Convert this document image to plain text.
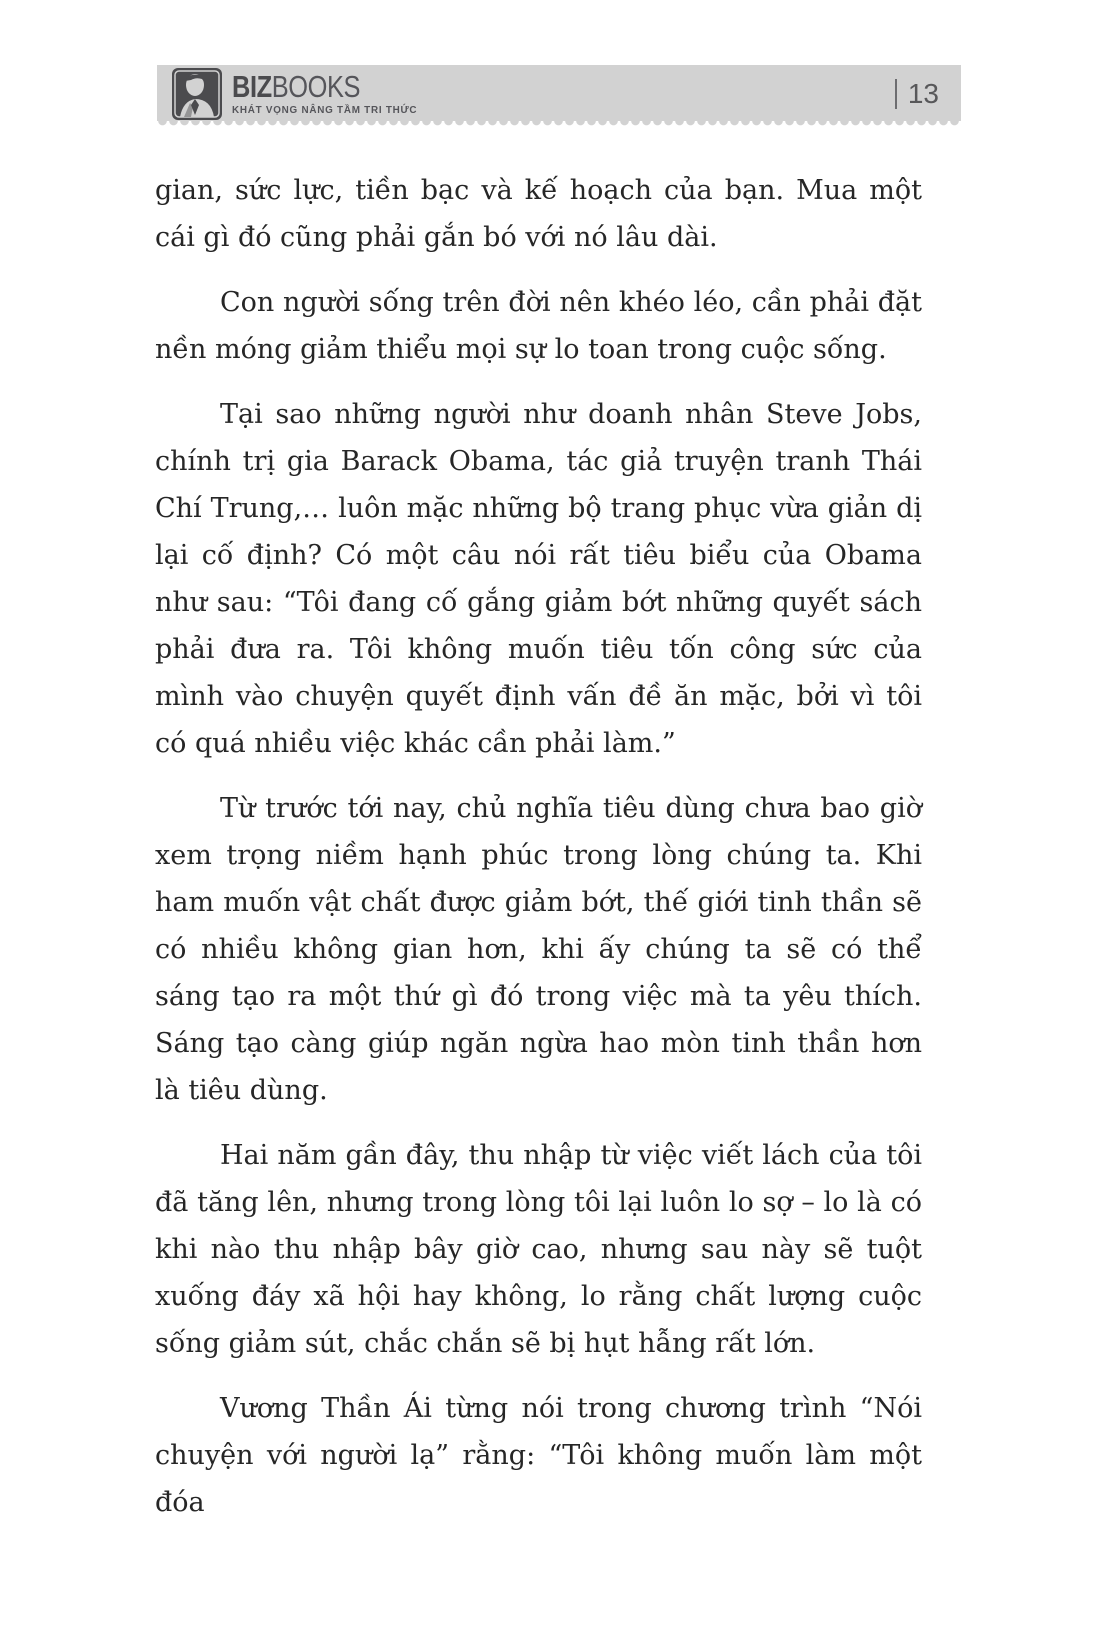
BIZBOOKS
KHÁT VỌNG NÂNG TẦM TRI THỨC
13

gian, sức lực, tiền bạc và kế hoạch của bạn. Mua một cái gì đó cũng phải gắn bó với nó lâu dài.

Con người sống trên đời nên khéo léo, cần phải đặt nền móng giảm thiểu mọi sự lo toan trong cuộc sống.

Tại sao những người như doanh nhân Steve Jobs, chính trị gia Barack Obama, tác giả truyện tranh Thái Chí Trung,… luôn mặc những bộ trang phục vừa giản dị lại cố định? Có một câu nói rất tiêu biểu của Obama như sau: “Tôi đang cố gắng giảm bớt những quyết sách phải đưa ra. Tôi không muốn tiêu tốn công sức của mình vào chuyện quyết định vấn đề ăn mặc, bởi vì tôi có quá nhiều việc khác cần phải làm.”

Từ trước tới nay, chủ nghĩa tiêu dùng chưa bao giờ xem trọng niềm hạnh phúc trong lòng chúng ta. Khi ham muốn vật chất được giảm bớt, thế giới tinh thần sẽ có nhiều không gian hơn, khi ấy chúng ta sẽ có thể sáng tạo ra một thứ gì đó trong việc mà ta yêu thích. Sáng tạo càng giúp ngăn ngừa hao mòn tinh thần hơn là tiêu dùng.

Hai năm gần đây, thu nhập từ việc viết lách của tôi đã tăng lên, nhưng trong lòng tôi lại luôn lo sợ – lo là có khi nào thu nhập bây giờ cao, nhưng sau này sẽ tuột xuống đáy xã hội hay không, lo rằng chất lượng cuộc sống giảm sút, chắc chắn sẽ bị hụt hẫng rất lớn.

Vương Thần Ái từng nói trong chương trình “Nói chuyện với người lạ” rằng: “Tôi không muốn làm một đóa
